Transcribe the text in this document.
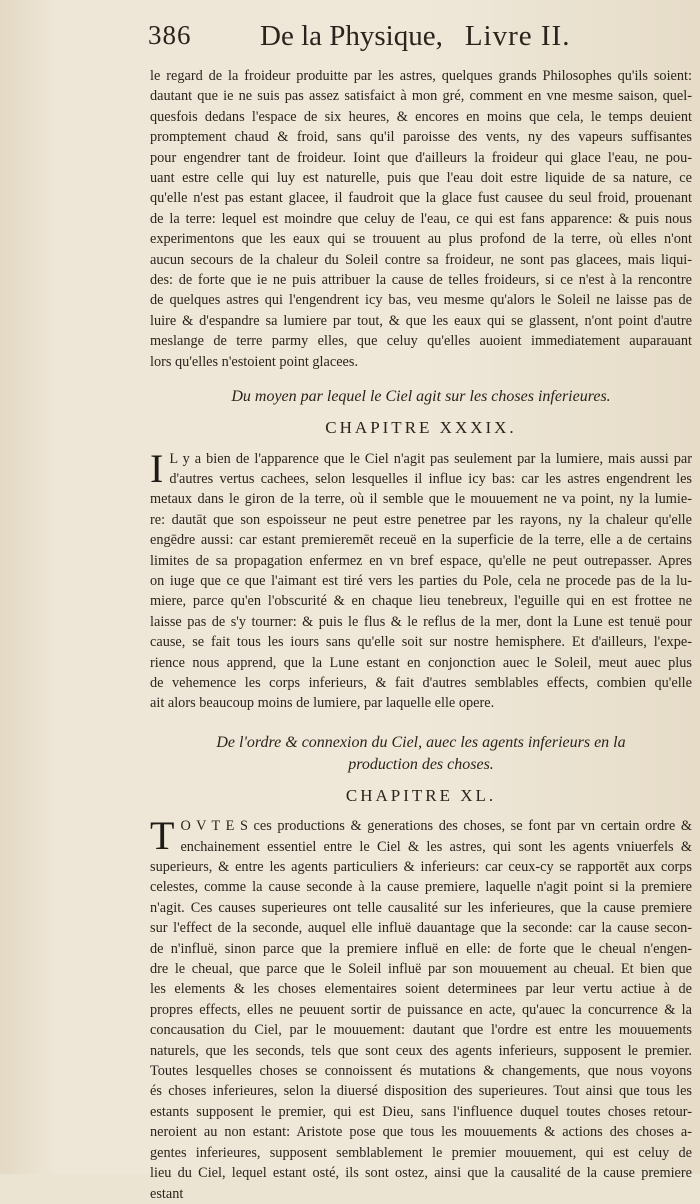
386 De la Physique, Livre II.
le regard de la froideur produitte par les astres, quelques grands Philosophes qu'ils soient:
dautant que ie ne suis pas assez satisfaict à mon gré, comment en vne mesme saison, quel-
quesfois dedans l'espace de six heures, & encores en moins que cela, le temps deuient
promptement chaud & froid, sans qu'il paroisse des vents, ny des vapeurs suffisantes
pour engendrer tant de froideur. Ioint que d'ailleurs la froideur qui glace l'eau, ne pou-
uant estre celle qui luy est naturelle, puis que l'eau doit estre liquide de sa nature, ce
qu'elle n'est pas estant glacee, il faudroit que la glace fust causee du seul froid, prouenant
de la terre: lequel est moindre que celuy de l'eau, ce qui est fans apparence: & puis nous
experimentons que les eaux qui se trouuent au plus profond de la terre, où elles n'ont
aucun secours de la chaleur du Soleil contre sa froideur, ne sont pas glacees, mais liqui-
des: de forte que ie ne puis attribuer la cause de telles froideurs, si ce n'est à la rencontre
de quelques astres qui l'engendrent icy bas, veu mesme qu'alors le Soleil ne laisse pas de
luire & d'espandre sa lumiere par tout, & que les eaux qui se glassent, n'ont point d'autre
meslange de terre parmy elles, que celuy qu'elles auoient immediatement auparauant
lors qu'elles n'estoient point glacees.
Du moyen par lequel le Ciel agit sur les choses inferieures.
CHAPITRE XXXIX.
I L y a bien de l'apparence que le Ciel n'agit pas seulement par la lumiere, mais aussi par
d'autres vertus cachees, selon lesquelles il influe icy bas: car les astres engendrent les
metaux dans le giron de la terre, où il semble que le mouuement ne va point, ny la lumie-
re: dautāt que son espoisseur ne peut estre penetree par les rayons, ny la chaleur qu'elle
engēdre aussi: car estant premieremēt receuë en la superficie de la terre, elle a de certains
limites de sa propagation enfermez en vn bref espace, qu'elle ne peut outrepasser. Apres
on iuge que ce que l'aimant est tiré vers les parties du Pole, cela ne procede pas de la lu-
miere, parce qu'en l'obscurité & en chaque lieu tenebreux, l'eguille qui en est frottee ne
laisse pas de s'y tourner: & puis le flus & le reflus de la mer, dont la Lune est tenuë pour
cause, se fait tous les iours sans qu'elle soit sur nostre hemisphere. Et d'ailleurs, l'expe-
rience nous apprend, que la Lune estant en conjonction auec le Soleil, meut auec plus
de vehemence les corps inferieurs, & fait d'autres semblables effects, combien qu'elle
ait alors beaucoup moins de lumiere, par laquelle elle opere.
De l'ordre & connexion du Ciel, auec les agents inferieurs en la
production des choses.
CHAPITRE XL.
T O V T E S ces productions & generations des choses, se font par vn certain ordre &
enchainement essentiel entre le Ciel & les astres, qui sont les agents vniuerfels &
superieurs, & entre les agents particuliers & inferieurs: car ceux-cy se rapportēt aux corps
celestes, comme la cause seconde à la cause premiere, laquelle n'agit point si la premiere
n'agit. Ces causes superieures ont telle causalité sur les inferieures, que la cause premiere
sur l'effect de la seconde, auquel elle influë dauantage que la seconde: car la cause secon-
de n'influë, sinon parce que la premiere influë en elle: de forte que le cheual n'engen-
dre le cheual, que parce que le Soleil influë par son mouuement au cheual. Et bien que
les elements & les choses elementaires soient determinees par leur vertu actiue à de
propres effects, elles ne peuuent sortir de puissance en acte, qu'auec la concurrence & la
concausation du Ciel, par le mouuement: dautant que l'ordre est entre les mouuements
naturels, que les seconds, tels que sont ceux des agents inferieurs, supposent le premier.
Toutes lesquelles choses se connoissent és mutations & changements, que nous voyons
és choses inferieures, selon la diuersé disposition des superieures. Tout ainsi que tous les
estants supposent le premier, qui est Dieu, sans l'influence duquel toutes choses retour-
neroient au non estant: Aristote pose que tous les mouuements & actions des choses a-
gentes inferieures, supposent semblablement le premier mouuement, qui est celuy de
lieu du Ciel, lequel estant osté, ils sont ostez, ainsi que la causalité de la cause premiere
estant
